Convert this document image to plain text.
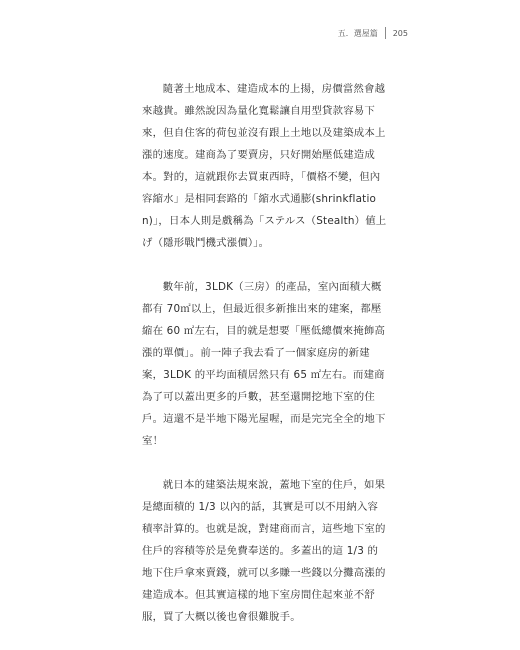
五．選屋篇 205

隨著土地成本、建造成本的上揚，房價當然會越來越貴。雖然說因為量化寬鬆讓自用型貸款容易下來，但自住客的荷包並沒有跟上土地以及建築成本上漲的速度。建商為了要賣房，只好開始壓低建造成本。對的，這就跟你去買東西時，「價格不變，但內容縮水」是相同套路的「縮水式通膨(shrinkflation)」，日本人則是戲稱為「ステルス（Stealth）値上げ（隱形戰鬥機式漲價）」。

數年前，3LDK（三房）的產品，室內面積大概都有 70㎡以上，但最近很多新推出來的建案，都壓縮在 60 ㎡左右，目的就是想要「壓低總價來掩飾高漲的單價」。前一陣子我去看了一個家庭房的新建案，3LDK 的平均面積居然只有 65 ㎡左右。而建商為了可以蓋出更多的戶數，甚至還開挖地下室的住戶。這還不是半地下陽光屋喔，而是完完全全的地下室！

就日本的建築法規來說，蓋地下室的住戶，如果是總面積的 1/3 以內的話，其實是可以不用納入容積率計算的。也就是說，對建商而言，這些地下室的住戶的容積等於是免費奉送的。多蓋出的這 1/3 的地下住戶拿來賣錢，就可以多賺一些錢以分攤高漲的建造成本。但其實這樣的地下室房間住起來並不舒服，買了大概以後也會很難脫手。
